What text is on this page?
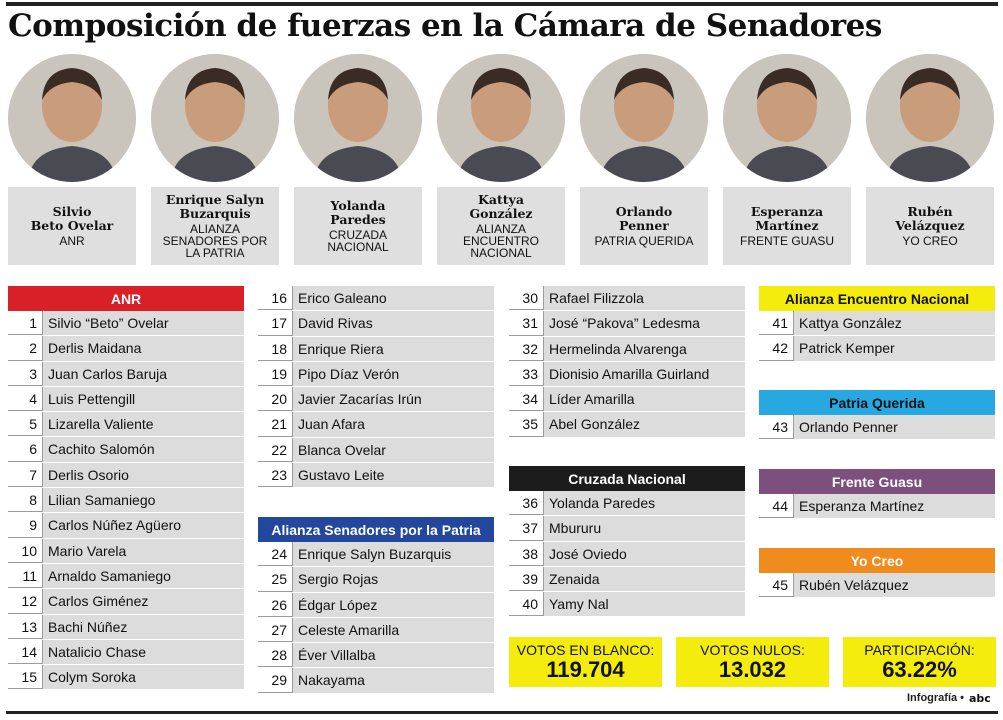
Composición de fuerzas en la Cámara de Senadores
Silvio
Beto Ovelar
ANR
Enrique Salyn
Buzarquis
ALIANZA
SENADORES POR
LA PATRIA
Yolanda
Paredes
CRUZADA
NACIONAL
Kattya
González
ALIANZA
ENCUENTRO
NACIONAL
Orlando
Penner
PATRIA QUERIDA
Esperanza
Martínez
FRENTE GUASU
Rubén
Velázquez
YO CREO
ANR
1 Silvio “Beto” Ovelar
2 Derlis Maidana
3 Juan Carlos Baruja
4 Luis Pettengill
5 Lizarella Valiente
6 Cachito Salomón
7 Derlis Osorio
8 Lilian Samaniego
9 Carlos Núñez Agüero
10 Mario Varela
11 Arnaldo Samaniego
12 Carlos Giménez
13 Bachi Núñez
14 Natalicio Chase
15 Colym Soroka
16 Erico Galeano
17 David Rivas
18 Enrique Riera
19 Pipo Díaz Verón
20 Javier Zacarías Irún
21 Juan Afara
22 Blanca Ovelar
23 Gustavo Leite
Alianza Senadores por la Patria
24 Enrique Salyn Buzarquis
25 Sergio Rojas
26 Édgar López
27 Celeste Amarilla
28 Éver Villalba
29 Nakayama
30 Rafael Filizzola
31 José “Pakova” Ledesma
32 Hermelinda Alvarenga
33 Dionisio Amarilla Guirland
34 Líder Amarilla
35 Abel González
Cruzada Nacional
36 Yolanda Paredes
37 Mbururu
38 José Oviedo
39 Zenaida
40 Yamy Nal
Alianza Encuentro Nacional
41 Kattya González
42 Patrick Kemper
Patria Querida
43 Orlando Penner
Frente Guasu
44 Esperanza Martínez
Yo Creo
45 Rubén Velázquez
VOTOS EN BLANCO:
119.704
VOTOS NULOS:
13.032
PARTICIPACIÓN:
63.22%
Infografía • abc
